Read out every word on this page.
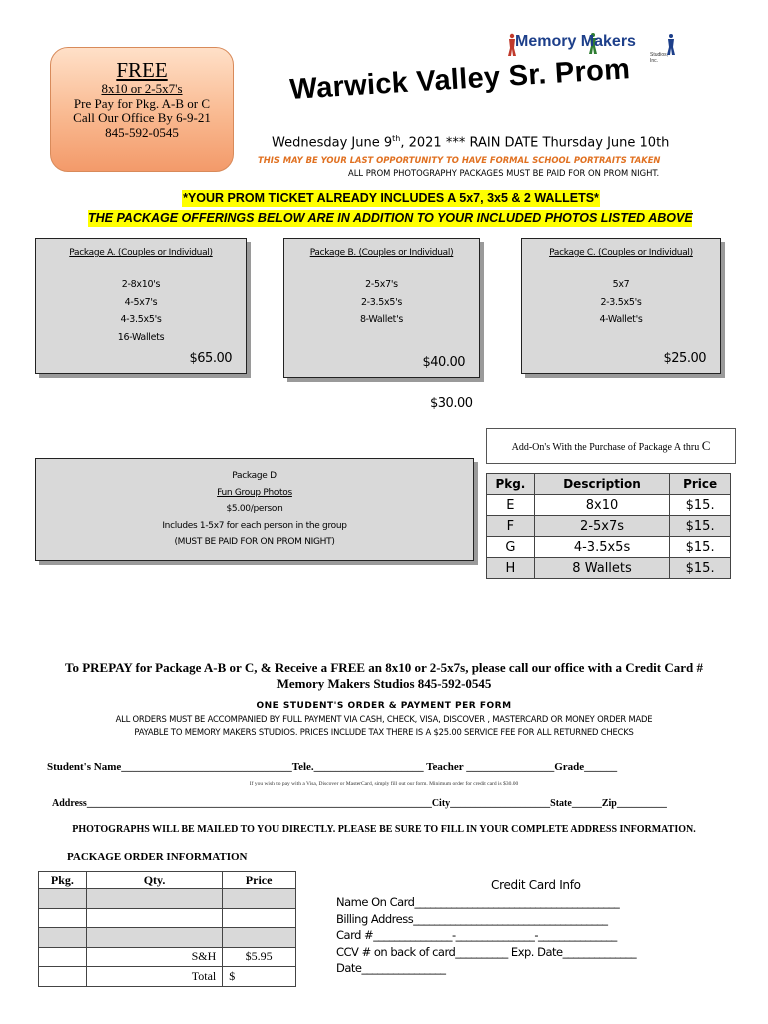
FREE
8x10 or 2-5x7's
Pre Pay for Pkg. A-B or C
Call Our Office By 6-9-21
845-592-0545
Memory Makers
Studios, Inc.
Warwick Valley Sr. Prom
Wednesday June 9th, 2021 *** RAIN DATE Thursday June 10th
THIS MAY BE YOUR LAST OPPORTUNITY TO HAVE FORMAL SCHOOL PORTRAITS TAKEN
ALL PROM PHOTOGRAPHY PACKAGES MUST BE PAID FOR ON PROM NIGHT.
*YOUR PROM TICKET ALREADY INCLUDES A 5x7, 3x5 & 2 WALLETS*
THE PACKAGE OFFERINGS BELOW ARE IN ADDITION TO YOUR INCLUDED PHOTOS LISTED ABOVE
Package A. (Couples or Individual)
2-8x10's
4-5x7's
4-3.5x5's
16-Wallets
$65.00
Package B. (Couples or Individual)
2-5x7's
2-3.5x5's
8-Wallet's
$40.00
Package C. (Couples or Individual)
5x7
2-3.5x5's
4-Wallet's
$25.00
$30.00
Package D
Fun Group Photos
$5.00/person
Includes 1-5x7 for each person in the group
(MUST BE PAID FOR ON PROM NIGHT)
Add-On's With the Purchase of Package A thru C
Pkg.	Description	Price
E	8x10	$15.
F	2-5x7s	$15.
G	4-3.5x5s	$15.
H	8 Wallets	$15.
To PREPAY for Package A-B or C, & Receive a FREE an 8x10 or 2-5x7s, please call our office with a Credit Card #
Memory Makers Studios 845-592-0545
ONE STUDENT'S ORDER & PAYMENT PER FORM
ALL ORDERS MUST BE ACCOMPANIED BY FULL PAYMENT VIA CASH, CHECK, VISA, DISCOVER , MASTERCARD OR MONEY ORDER MADE
PAYABLE TO MEMORY MAKERS STUDIOS. PRICES INCLUDE TAX THERE IS A $25.00 SERVICE FEE FOR ALL RETURNED CHECKS
Student's Name_______________________________Tele.____________________ Teacher ________________Grade______
If you wish to pay with a Visa, Discover or MasterCard, simply fill out our form. Minimum order for credit card is $30.00
Address_____________________________________________________________________City____________________State______Zip__________
PHOTOGRAPHS WILL BE MAILED TO YOU DIRECTLY. PLEASE BE SURE TO FILL IN YOUR COMPLETE ADDRESS INFORMATION.
PACKAGE ORDER INFORMATION
Pkg.	Qty.	Price

	S&H	$5.95
	Total	$
Credit Card Info
Name On Card_______________________________________
Billing Address_____________________________________
Card #_______________-_______________-_______________
CCV # on back of card__________ Exp. Date______________
Date________________
